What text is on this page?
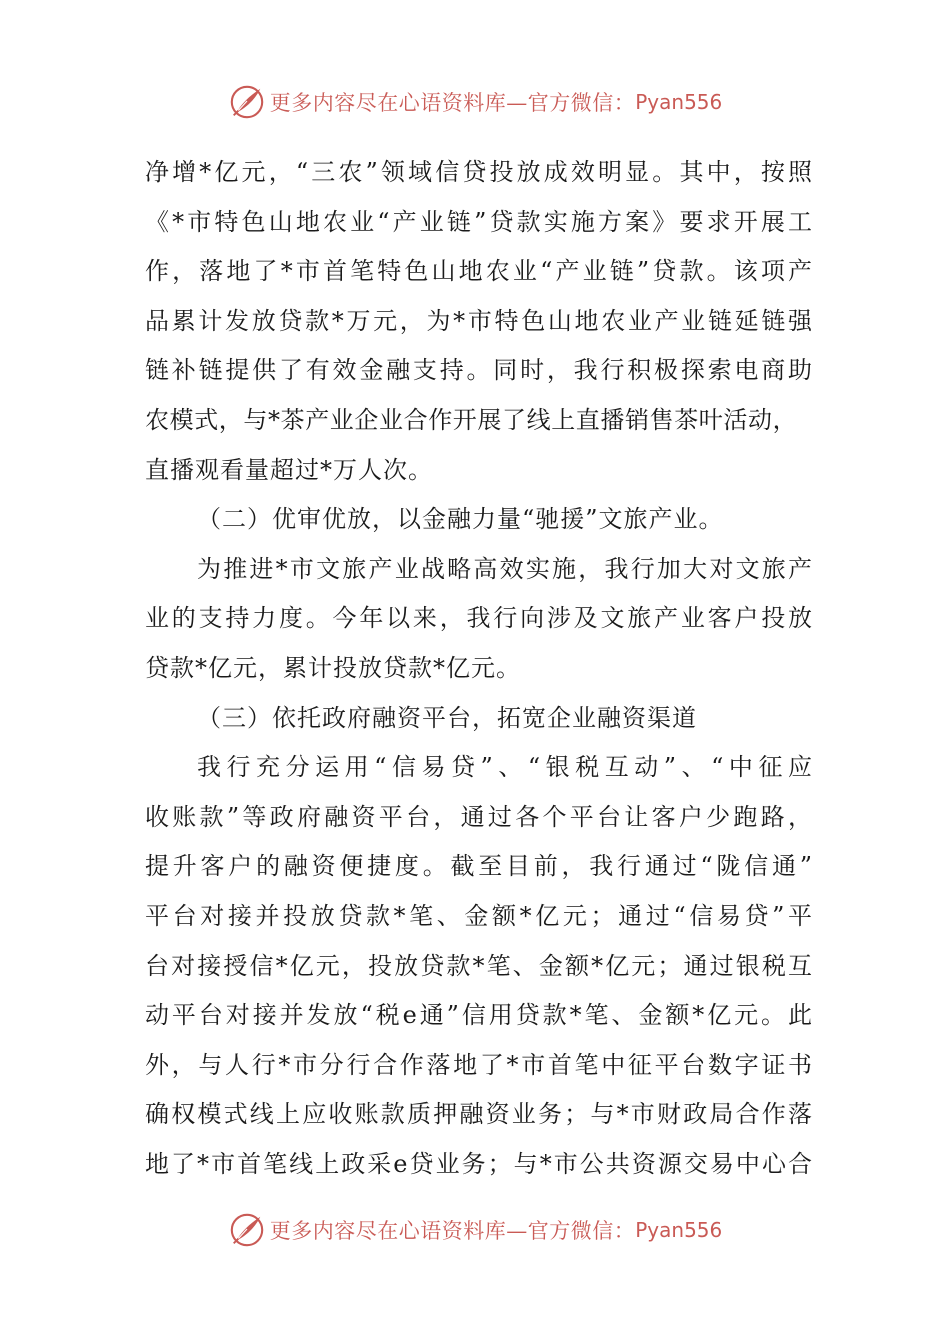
更多内容尽在心语资料库—官方微信： Pyan556
净增*亿元，“三农”领域信贷投放成效明显。其中，按照
《*市特色山地农业“产业链”贷款实施方案》要求开展工
作，落地了*市首笔特色山地农业“产业链”贷款。该项产
品累计发放贷款*万元，为*市特色山地农业产业链延链强
链补链提供了有效金融支持。同时，我行积极探索电商助
农模式，与*茶产业企业合作开展了线上直播销售茶叶活动，
直播观看量超过*万人次。
（二）优审优放，以金融力量“驰援”文旅产业。
为推进*市文旅产业战略高效实施，我行加大对文旅产
业的支持力度。今年以来，我行向涉及文旅产业客户投放
贷款*亿元，累计投放贷款*亿元。
（三）依托政府融资平台，拓宽企业融资渠道
我行充分运用“信易贷”、“银税互动”、“中征应
收账款”等政府融资平台，通过各个平台让客户少跑路，
提升客户的融资便捷度。截至目前，我行通过“陇信通”
平台对接并投放贷款*笔、金额*亿元；通过“信易贷”平
台对接授信*亿元，投放贷款*笔、金额*亿元；通过银税互
动平台对接并发放“税e通”信用贷款*笔、金额*亿元。此
外，与人行*市分行合作落地了*市首笔中征平台数字证书
确权模式线上应收账款质押融资业务；与*市财政局合作落
地了*市首笔线上政采e贷业务；与*市公共资源交易中心合
更多内容尽在心语资料库—官方微信： Pyan556
